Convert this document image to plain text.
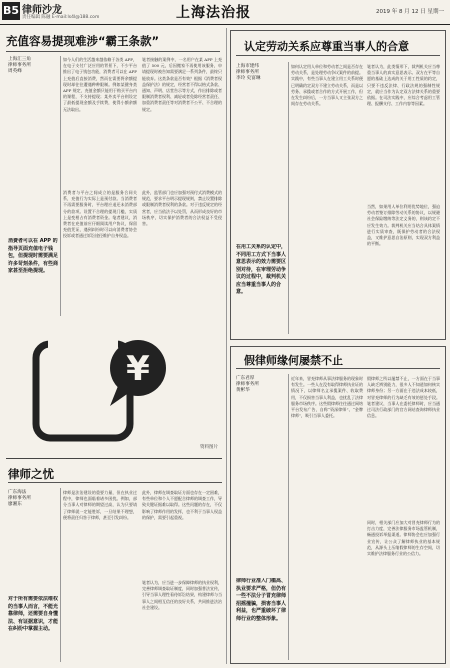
B5 律师沙龙
责任编辑 陈融 E-mail:ls4l@188.com	上海法治报	2019 年 8 月 12 日 星期一
充值容易提现难涉“霸王条款”
上海汇三角
律师事务所
周英峰
消费者可以在 APP 的指导页面充值电子钱包，但提现时需要满足许多苛刻条件，有些商家甚至拒绝提现。
如今人们的生活越来越依赖于各类 APP，在电子支付广泛应用的背景下，不少平台推出了电子钱包功能，消费者可以在 APP 上充值后直接消费，然而在需要将余额提现时却往往遭遇种种限制。例如某健身类 APP 规定，充值金额只能用于购买平台内的课程，不支持提现；某外卖平台则设定了最低提现金额及手续费，使得小额余额无法取出。
笔者接触的案例中，一名用户在某 APP 上充值了 500 元，后因搬家不再使用该服务，申请提现时被告知需要满足一系列条件，最终只能放弃。这类条款是否有效？根据《消费者权益保护法》的规定，经营者不得以格式条款、通知、声明、店堂告示等方式，作出排除或者限制消费者权利、减轻或者免除经营者责任、加重消费者责任等对消费者不公平、不合理的规定。
消费者与平台之间成立的是服务合同关系，充值行为实际上是预付款。当消费者不再需要服务时，平台理应退还未消费部分的款项。设置不合理的提现门槛，实质上是变相占有消费者资金。笔者建议，消费者在充值前应仔细阅读用户协议，保留充值凭证，遇到纠纷时可以向消费者协会投诉或者通过诉讼途径维护自身权益。
此外，监管部门也应加强对预付式消费模式的规范，要求平台明示提现规则，禁止设置排除或限制消费者权利的条款。对于违反规定的经营者，应当依法予以处罚，从而形成良好的市场秩序，切实保护消费者的合法权益不受侵害。
¥
资料图片
律师之忧
广东海法
律师事务所
廖湘东
对于所有需要依法维权的当事人而言，不能光靠律师，还需要自身懂法、有证据意识，才能在纠纷中掌握主动。
律师是法治建设的重要力量，但在执业过程中，律师也面临着诸多困扰。例如，部分当事人对律师的期望过高，认为只要请了律师就一定能胜诉，一旦结果不理想，便将责任归咎于律师，甚至引发纠纷。
此外，律师在调查取证方面也存在一定困难，有些单位和个人不愿配合律师的调查工作，导致关键证据难以取得。这些问题的存在，不仅影响了律师作用的发挥，也不利于当事人权益的保护，需要引起重视。
笔者认为，应当进一步保障律师的执业权利，完善律师调查取证制度，同时加强普法宣传，引导当事人理性看待诉讼结果，构建律师与当事人之间相互信任的良好关系，共同推进法治社会建设。
认定劳动关系应尊重当事人的合意
上海市建纬
律师事务所
李玲 史富琳
在用工关系的认定中，不同用工方式下当事人意思表示的效力需要区别对待，在审理劳动争议的过程中，裁判机关应当尊重当事人的合意。
如何认定用人单位和劳动者之间是否存在劳动关系，是处理劳动争议案件的前提。实践中，有些当事人在建立用工关系时便已明确约定双方不建立劳动关系，而是以劳务、承揽或者合作的方式开展工作，但在发生纠纷后，一方当事人又主张双方之间存在劳动关系。
笔者认为，此类情形下，裁判机关应当尊重当事人的真实意思表示。双方在平等自愿的基础上达成的关于用工性质的约定，只要不违反法律、行政法规的强制性规定，就应当作为认定双方法律关系的重要依据。在司法实践中，应综合考虑用工管理、报酬支付、工作内容等因素。
当然，如果用人单位利用优势地位，强迫劳动者签订排除劳动关系的协议，以规避社会保险缴纳等法定义务的，则该约定不应发生效力。裁判机关应当结合具体案情进行实质审查，既保护劳动者的合法权益，又维护意思自治原则，实现双方利益的平衡。
假律师缘何屡禁不止
广东君厚
律师事务所
黄彬华
律师行业准入门槛高、执业要求严格，但仍有一些不法分子冒充律师招摇撞骗，损害当事人利益，也严重破坏了律师行业的整体形象。
近年来，冒充律师从事法律服务的现象时有发生。一些人在没有取得律师执业证的情况下，以律师名义承揽案件、收取费用，不仅损害当事人利益，也扰乱了法律服务市场秩序。这些假律师往往通过网络平台发布广告，自称“资深律师”、“金牌律师”，吸引当事人委托。
假律师之所以屡禁不止，一方面在于当事人缺乏辨别能力，很多人不知道如何核实律师身份；另一方面在于违法成本较低，对冒充律师的行为缺乏有效的惩处手段。笔者建议，当事人在委托律师时，应当通过司法行政部门的官方网站查询律师执业信息。
同时，相关部门应加大对冒充律师行为的打击力度，完善法律服务市场监管机制，畅通投诉举报渠道。律师协会也应加强行业宣传，让公众了解律师执业的基本规范，从源头上压缩假律师的生存空间，切实维护法律服务行业的公信力。
